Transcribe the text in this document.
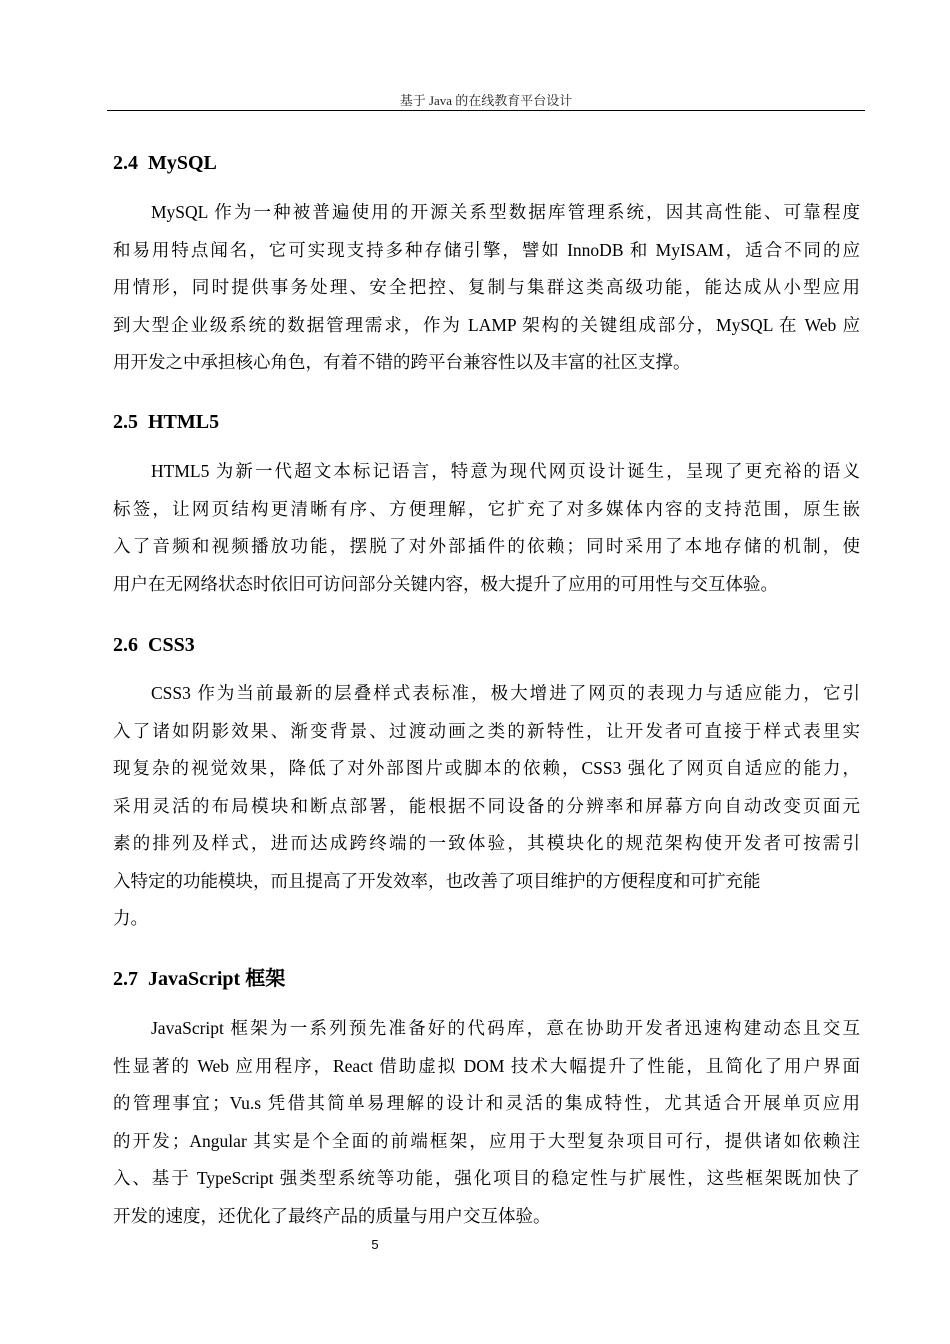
基于 Java 的在线教育平台设计
2.4 MySQL

MySQL 作为一种被普遍使用的开源关系型数据库管理系统，因其高性能、可靠程度
和易用特点闻名，它可实现支持多种存储引擎，譬如 InnoDB 和 MyISAM，适合不同的应
用情形，同时提供事务处理、安全把控、复制与集群这类高级功能，能达成从小型应用
到大型企业级系统的数据管理需求，作为 LAMP 架构的关键组成部分，MySQL 在 Web 应
用开发之中承担核心角色，有着不错的跨平台兼容性以及丰富的社区支撑。

2.5 HTML5

HTML5 为新一代超文本标记语言，特意为现代网页设计诞生，呈现了更充裕的语义
标签，让网页结构更清晰有序、方便理解，它扩充了对多媒体内容的支持范围，原生嵌
入了音频和视频播放功能，摆脱了对外部插件的依赖；同时采用了本地存储的机制，使
用户在无网络状态时依旧可访问部分关键内容，极大提升了应用的可用性与交互体验。

2.6 CSS3

CSS3 作为当前最新的层叠样式表标准，极大增进了网页的表现力与适应能力，它引
入了诸如阴影效果、渐变背景、过渡动画之类的新特性，让开发者可直接于样式表里实
现复杂的视觉效果，降低了对外部图片或脚本的依赖，CSS3 强化了网页自适应的能力，
采用灵活的布局模块和断点部署，能根据不同设备的分辨率和屏幕方向自动改变页面元
素的排列及样式，进而达成跨终端的一致体验，其模块化的规范架构使开发者可按需引
入特定的功能模块，而且提高了开发效率，也改善了项目维护的方便程度和可扩充能
力。

2.7 JavaScript 框架

JavaScript 框架为一系列预先准备好的代码库，意在协助开发者迅速构建动态且交互
性显著的 Web 应用程序，React 借助虚拟 DOM 技术大幅提升了性能，且简化了用户界面
的管理事宜；Vu.s 凭借其简单易理解的设计和灵活的集成特性，尤其适合开展单页应用
的开发；Angular 其实是个全面的前端框架，应用于大型复杂项目可行，提供诸如依赖注
入、基于 TypeScript 强类型系统等功能，强化项目的稳定性与扩展性，这些框架既加快了
开发的速度，还优化了最终产品的质量与用户交互体验。

5
